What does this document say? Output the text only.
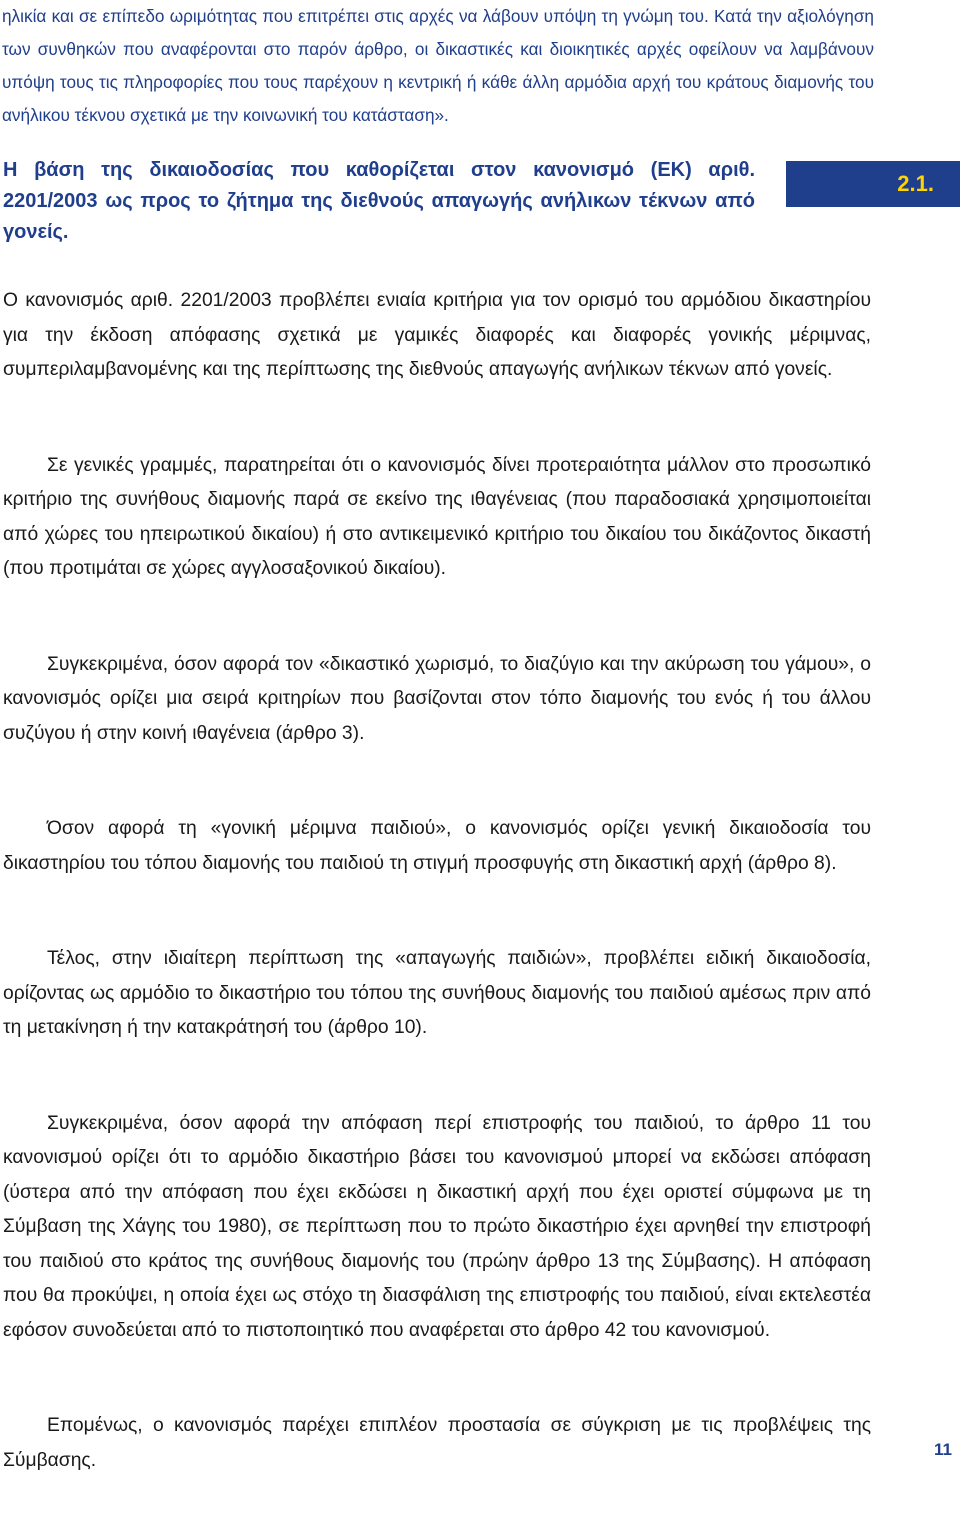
ηλικία και σε επίπεδο ωριμότητας που επιτρέπει στις αρχές να λάβουν υπόψη τη γνώμη του. Κατά την αξιολόγηση των συνθηκών που αναφέρονται στο παρόν άρθρο, οι δικαστικές και διοικητικές αρχές οφείλουν να λαμβάνουν υπόψη τους τις πληροφορίες που τους παρέχουν η κεντρική ή κάθε άλλη αρμόδια αρχή του κράτους διαμονής του ανήλικου τέκνου σχετικά με την κοινωνική του κατάσταση».
Η βάση της δικαιοδοσίας που καθορίζεται στον κανονισμό (ΕΚ) αριθ. 2201/2003 ως προς το ζήτημα της διεθνούς απαγωγής ανήλικων τέκνων από γονείς.
2.1.

Ο κανονισμός αριθ. 2201/2003 προβλέπει ενιαία κριτήρια για τον ορισμό του αρμόδιου δικαστηρίου για την έκδοση απόφασης σχετικά με γαμικές διαφορές και διαφορές γονικής μέριμνας, συμπεριλαμβανομένης και της περίπτωσης της διεθνούς απαγωγής ανήλικων τέκνων από γονείς.

Σε γενικές γραμμές, παρατηρείται ότι ο κανονισμός δίνει προτεραιότητα μάλλον στο προσωπικό κριτήριο της συνήθους διαμονής παρά σε εκείνο της ιθαγένειας (που παραδοσιακά χρησιμοποιείται από χώρες του ηπειρωτικού δικαίου) ή στο αντικειμενικό κριτήριο του δικαίου του δικάζοντος δικαστή (που προτιμάται σε χώρες αγγλοσαξονικού δικαίου).

Συγκεκριμένα, όσον αφορά τον «δικαστικό χωρισμό, το διαζύγιο και την ακύρωση του γάμου», ο κανονισμός ορίζει μια σειρά κριτηρίων που βασίζονται στον τόπο διαμονής του ενός ή του άλλου συζύγου ή στην κοινή ιθαγένεια (άρθρο 3).

Όσον αφορά τη «γονική μέριμνα παιδιού», ο κανονισμός ορίζει γενική δικαιοδοσία του δικαστηρίου του τόπου διαμονής του παιδιού τη στιγμή προσφυγής στη δικαστική αρχή (άρθρο 8).

Τέλος, στην ιδιαίτερη περίπτωση της «απαγωγής παιδιών», προβλέπει ειδική δικαιοδοσία, ορίζοντας ως αρμόδιο το δικαστήριο του τόπου της συνήθους διαμονής του παιδιού αμέσως πριν από τη μετακίνηση ή την κατακράτησή του (άρθρο 10).

Συγκεκριμένα, όσον αφορά την απόφαση περί επιστροφής του παιδιού, το άρθρο 11 του κανονισμού ορίζει ότι το αρμόδιο δικαστήριο βάσει του κανονισμού μπορεί να εκδώσει απόφαση (ύστερα από την απόφαση που έχει εκδώσει η δικαστική αρχή που έχει οριστεί σύμφωνα με τη Σύμβαση της Χάγης του 1980), σε περίπτωση που το πρώτο δικαστήριο έχει αρνηθεί την επιστροφή του παιδιού στο κράτος της συνήθους διαμονής του (πρώην άρθρο 13 της Σύμβασης). Η απόφαση που θα προκύψει, η οποία έχει ως στόχο τη διασφάλιση της επιστροφής του παιδιού, είναι εκτελεστέα εφόσον συνοδεύεται από το πιστοποιητικό που αναφέρεται στο άρθρο 42 του κανονισμού.

Επομένως, ο κανονισμός παρέχει επιπλέον προστασία σε σύγκριση με τις προβλέψεις της Σύμβασης.	11
